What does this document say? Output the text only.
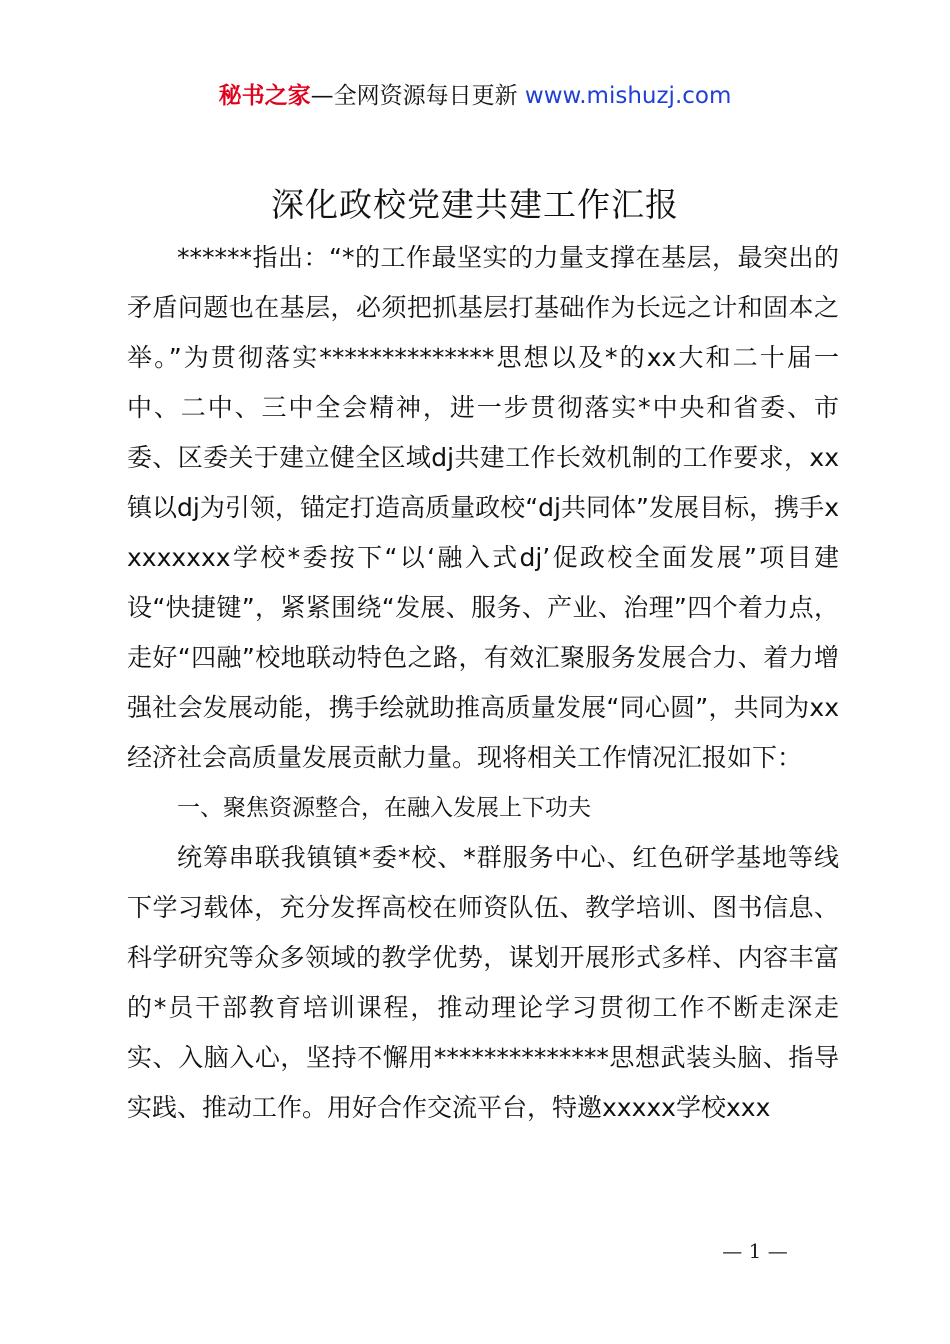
秘书之家—全网资源每日更新 www.mishuzj.com
深化政校党建共建工作汇报

******指出：“*的工作最坚实的力量支撑在基层，最突出的矛盾问题也在基层，必须把抓基层打基础作为长远之计和固本之举。”为贯彻落实**************思想以及*的xx大和二十届一中、二中、三中全会精神，进一步贯彻落实*中央和省委、市委、区委关于建立健全区域dj共建工作长效机制的工作要求，xx镇以dj为引领，锚定打造高质量政校“dj共同体”发展目标，携手xxxxxxxx学校*委按下“以‘融入式dj’促政校全面发展”项目建设“快捷键”，紧紧围绕“发展、服务、产业、治理”四个着力点，走好“四融”校地联动特色之路，有效汇聚服务发展合力、着力增强社会发展动能，携手绘就助推高质量发展“同心圆”，共同为xx经济社会高质量发展贡献力量。现将相关工作情况汇报如下：

一、聚焦资源整合，在融入发展上下功夫

统筹串联我镇镇*委*校、*群服务中心、红色研学基地等线下学习载体，充分发挥高校在师资队伍、教学培训、图书信息、科学研究等众多领域的教学优势，谋划开展形式多样、内容丰富的*员干部教育培训课程，推动理论学习贯彻工作不断走深走实、入脑入心，坚持不懈用**************思想武装头脑、指导实践、推动工作。用好合作交流平台，特邀xxxxx学校xxx

— 1 —
